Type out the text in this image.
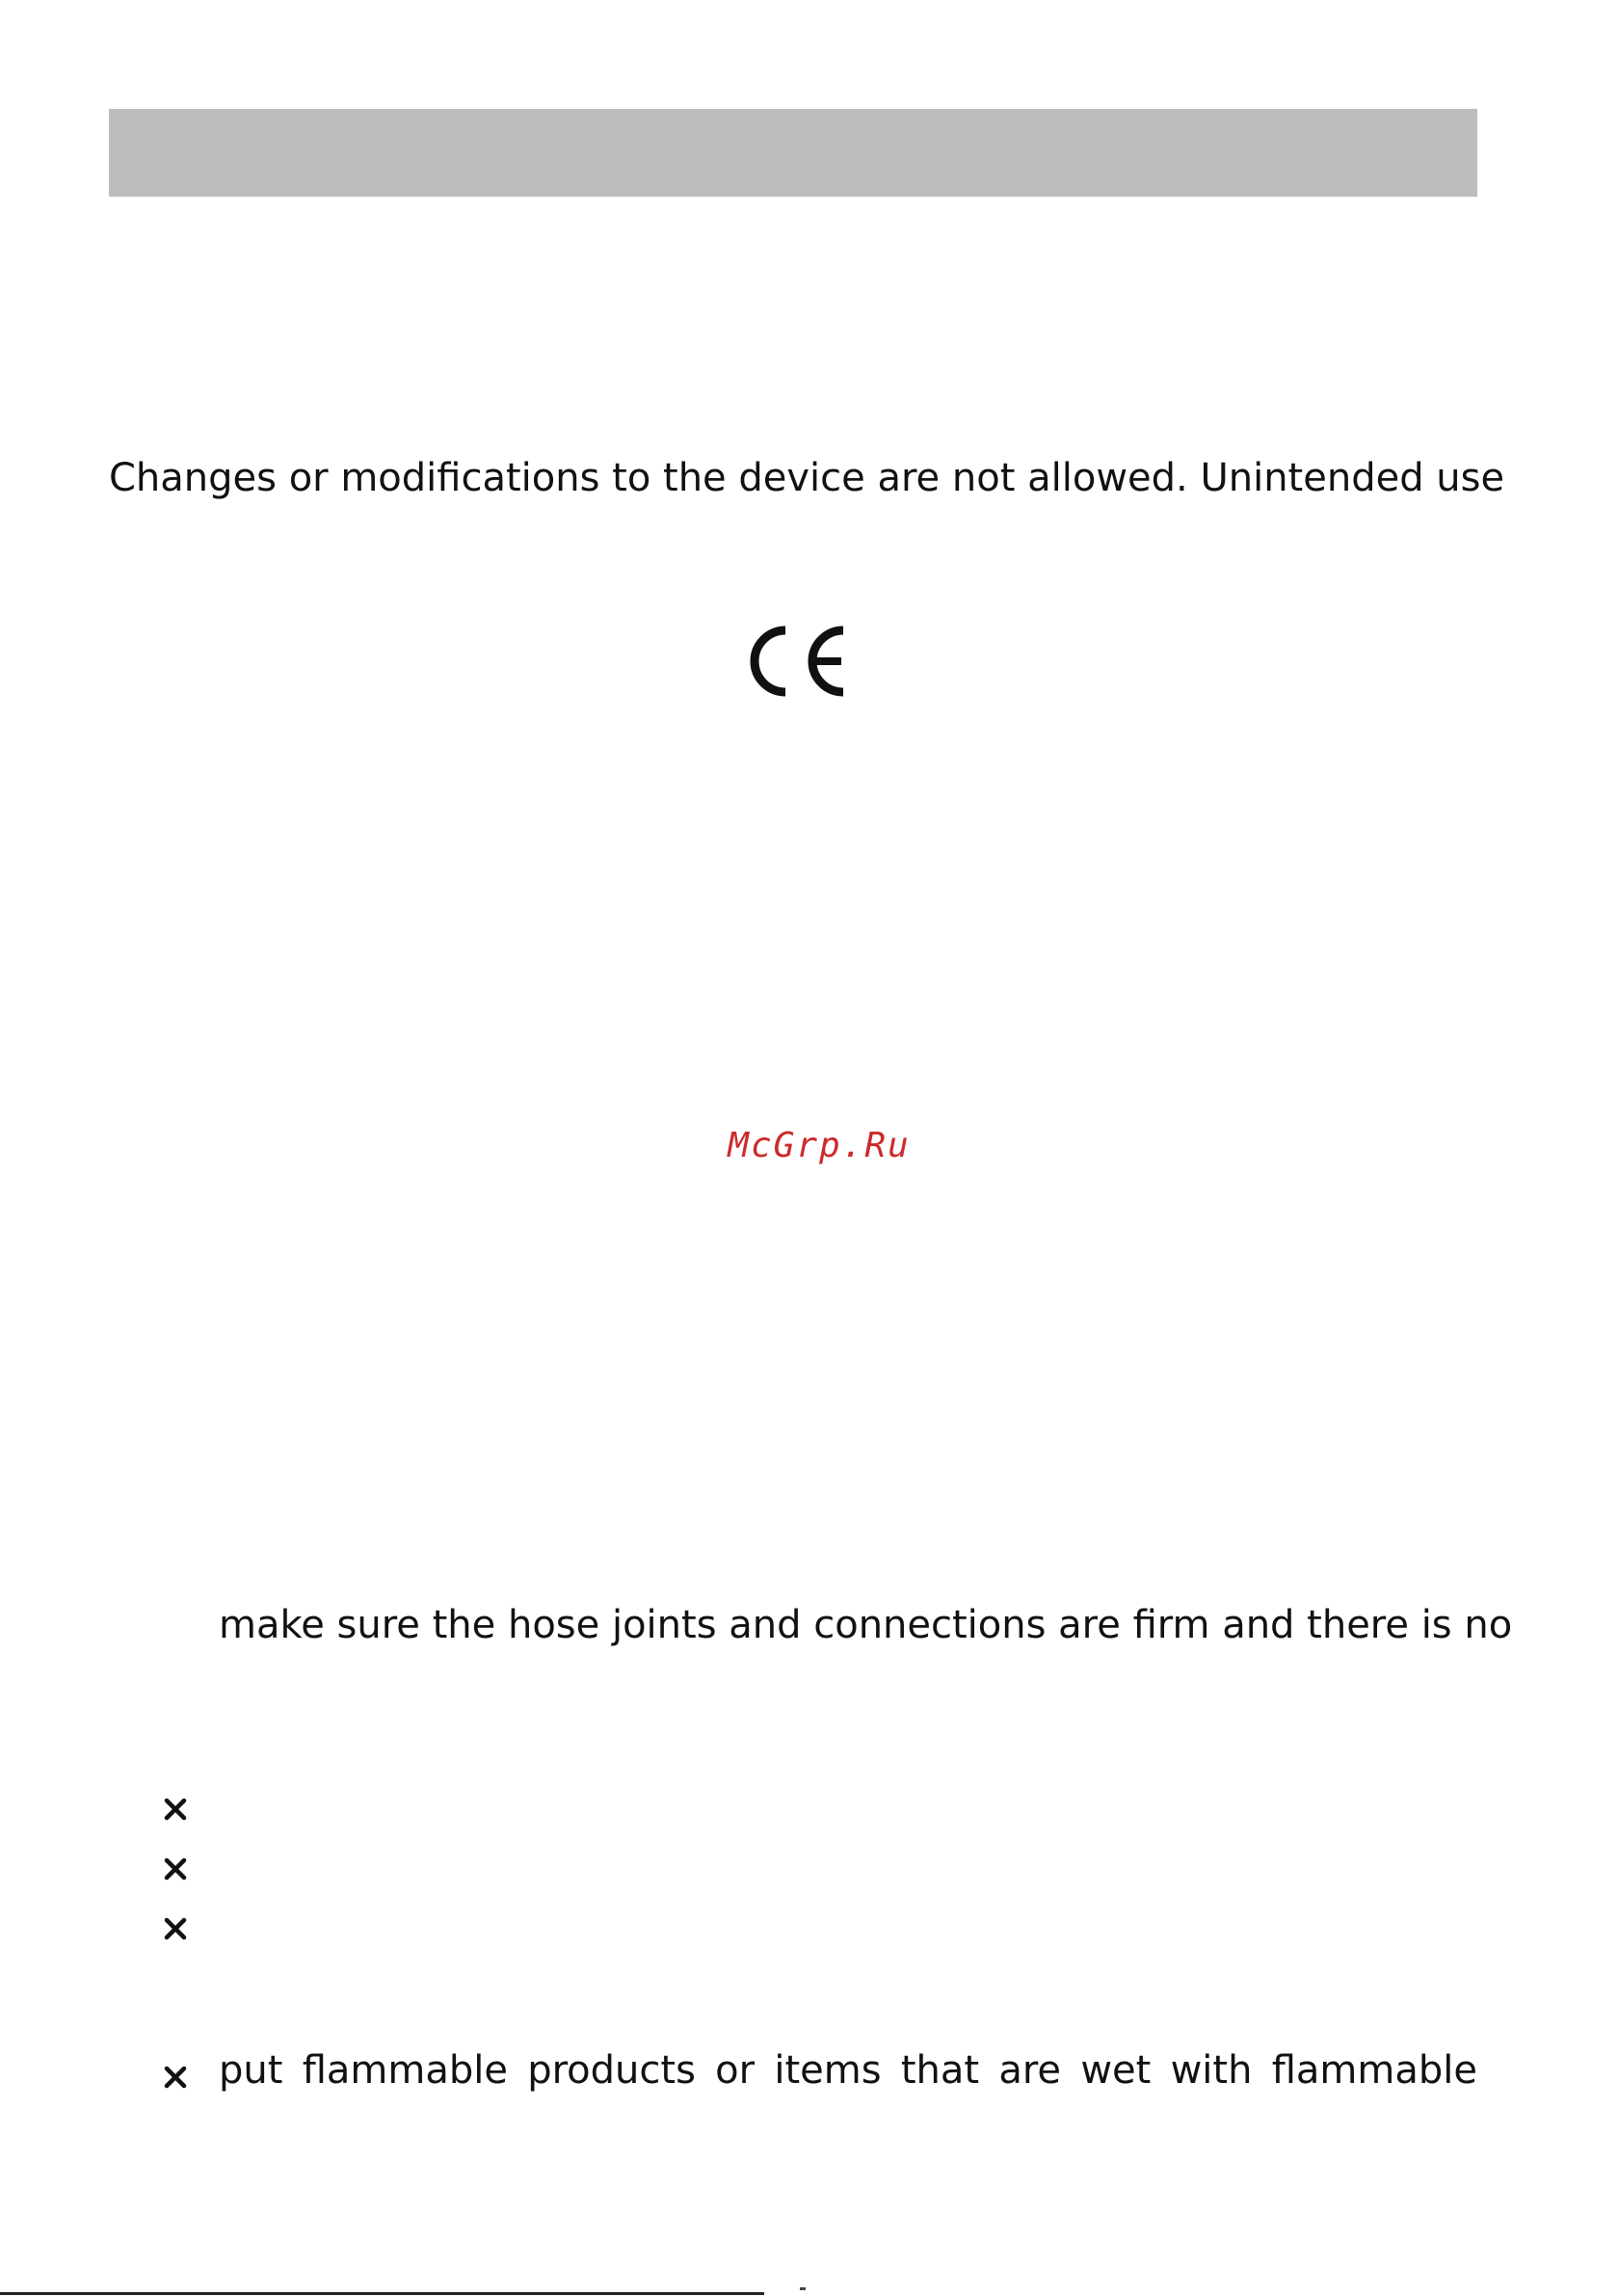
Changes or modifications to the device are not allowed. Unintended use
McGrp.Ru
make sure the hose joints and connections are firm and there is no
put flammable products or items that are wet with flammable
